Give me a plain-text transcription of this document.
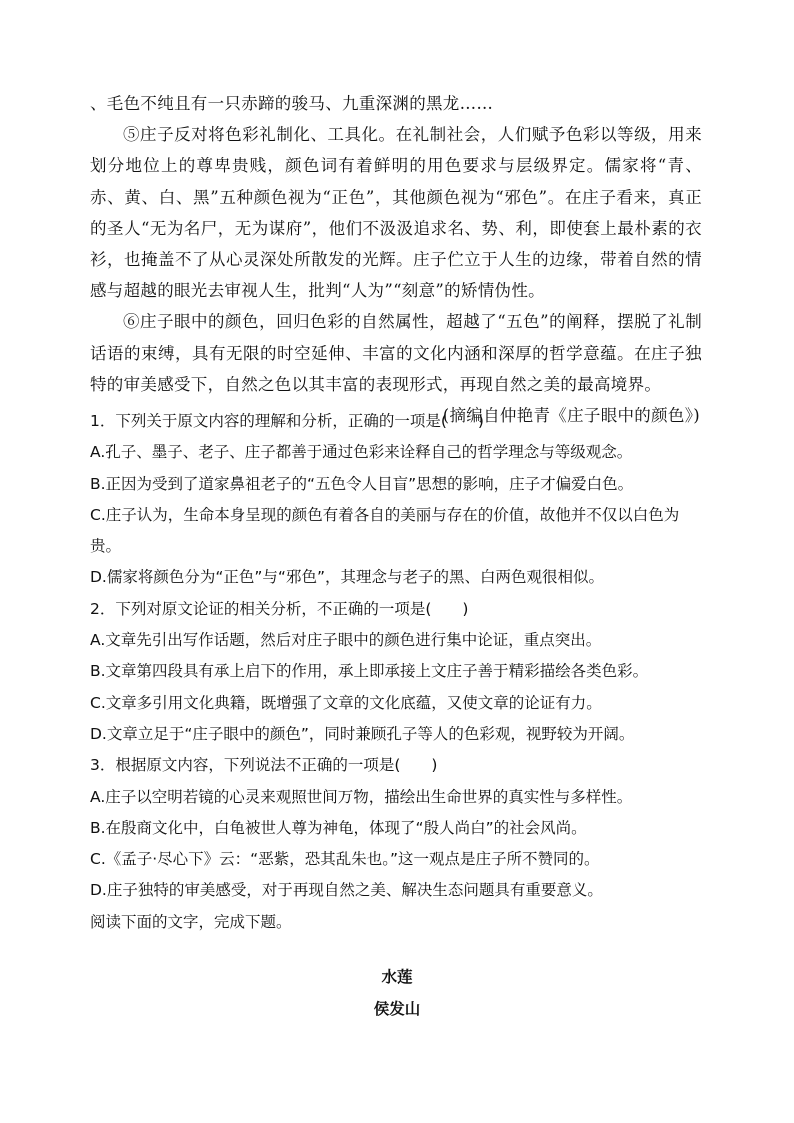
、毛色不纯且有一只赤蹄的骏马、九重深渊的黑龙……

⑤庄子反对将色彩礼制化、工具化。在礼制社会，人们赋予色彩以等级，用来划分地位上的尊卑贵贱，颜色词有着鲜明的用色要求与层级界定。儒家将“青、赤、黄、白、黑”五种颜色视为“正色”，其他颜色视为“邪色”。在庄子看来，真正的圣人“无为名尸，无为谋府”，他们不汲汲追求名、势、利，即使套上最朴素的衣衫，也掩盖不了从心灵深处所散发的光辉。庄子伫立于人生的边缘，带着自然的情感与超越的眼光去审视人生，批判“人为”“刻意”的矫情伪性。

⑥庄子眼中的颜色，回归色彩的自然属性，超越了“五色”的阐释，摆脱了礼制话语的束缚，具有无限的时空延伸、丰富的文化内涵和深厚的哲学意蕴。在庄子独特的审美感受下，自然之色以其丰富的表现形式，再现自然之美的最高境界。

(摘编自仲艳青《庄子眼中的颜色》)

1．下列关于原文内容的理解和分析，正确的一项是(　　)

A.孔子、墨子、老子、庄子都善于通过色彩来诠释自己的哲学理念与等级观念。

B.正因为受到了道家鼻祖老子的“五色令人目盲”思想的影响，庄子才偏爱白色。

C.庄子认为，生命本身呈现的颜色有着各自的美丽与存在的价值，故他并不仅以白色为贵。

D.儒家将颜色分为“正色”与“邪色”，其理念与老子的黑、白两色观很相似。

2．下列对原文论证的相关分析，不正确的一项是(　　)

A.文章先引出写作话题，然后对庄子眼中的颜色进行集中论证，重点突出。

B.文章第四段具有承上启下的作用，承上即承接上文庄子善于精彩描绘各类色彩。

C.文章多引用文化典籍，既增强了文章的文化底蕴，又使文章的论证有力。

D.文章立足于“庄子眼中的颜色”，同时兼顾孔子等人的色彩观，视野较为开阔。

3．根据原文内容，下列说法不正确的一项是(　　)

A.庄子以空明若镜的心灵来观照世间万物，描绘出生命世界的真实性与多样性。

B.在殷商文化中，白龟被世人尊为神龟，体现了“殷人尚白”的社会风尚。

C.《孟子·尽心下》云：“恶紫，恐其乱朱也。”这一观点是庄子所不赞同的。

D.庄子独特的审美感受，对于再现自然之美、解决生态问题具有重要意义。

阅读下面的文字，完成下题。

水莲
侯发山
